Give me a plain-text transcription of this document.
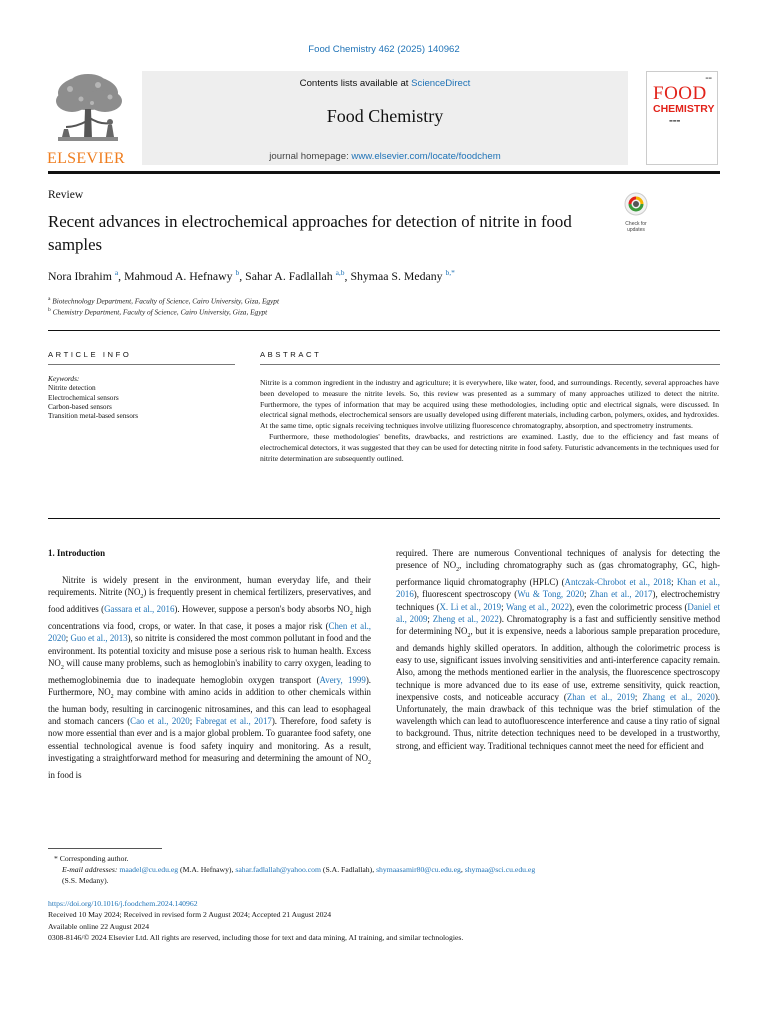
Food Chemistry 462 (2025) 140962
ELSEVIER
Contents lists available at ScienceDirect
Food Chemistry
journal homepage: www.elsevier.com/locate/foodchem
FOOD
CHEMISTRY
▬▬▬
▬▬
Review
Recent advances in electrochemical approaches for detection of nitrite in food samples
Check for
updates
Nora Ibrahim $^a$, Mahmoud A. Hefnawy $^b$, Sahar A. Fadlallah $^{a,b}$, Shymaa S. Medany $^{b,*}$
$^a$ Biotechnology Department, Faculty of Science, Cairo University, Giza, Egypt
$^b$ Chemistry Department, Faculty of Science, Cairo University, Giza, Egypt
ARTICLE INFO
Keywords:
Nitrite detection
Electrochemical sensors
Carbon-based sensors
Transition metal-based sensors
ABSTRACT

Nitrite is a common ingredient in the industry and agriculture; it is everywhere, like water, food, and surroundings. Recently, several approaches have been developed to measure the nitrite levels. So, this review was presented as a summary of many approaches utilized to detect the nitrite. Furthermore, the types of information that may be acquired using these methodologies, including optic and electrical signals, were discussed. In electrical signal methods, electrochemical sensors are usually developed using different materials, including carbon, polymers, oxides, and hydroxides. At the same time, optic signals receiving techniques involve utilizing fluorescence chromatography, absorption, and spectrometry instruments.

Furthermore, these methodologies' benefits, drawbacks, and restrictions are examined. Lastly, due to the efficiency and fast means of electrochemical detectors, it was suggested that they can be used for detecting nitrite in food safety. Futuristic advancements in the techniques used for nitrite determination are subsequently outlined.

1. Introduction

Nitrite is widely present in the environment, human everyday life, and their requirements. Nitrite $(NO_2)$ is frequently present in chemical fertilizers, preservatives, and food additives (Gassara et al., 2016). However, suppose a person's body absorbs $NO_2$ high concentrations via food, crops, or water. In that case, it poses a major risk (Chen et al., 2020; Guo et al., 2013), so nitrite is considered the most common pollutant in food and the environment. Its potential toxicity and misuse pose a serious risk to human health. Excess $NO_2$ will cause many problems, such as hemoglobin's inability to carry oxygen, leading to methemoglobinemia due to inadequate hemoglobin oxygen transport (Avery, 1999). Furthermore, $NO_2$ may combine with amino acids in addition to other chemicals within the human body, resulting in carcinogenic nitrosamines, and this can lead to esophageal and stomach cancers (Cao et al., 2020; Fabregat et al., 2017). Therefore, food safety is now more essential than ever and is a major global problem. To guarantee food safety, one essential technological avenue is food safety inquiry and monitoring. As a result, investigating a straightforward method for measuring and determining the amount of $NO_2$ in food is

required. There are numerous Conventional techniques of analysis for detecting the presence of $NO_2$, including chromatography such as (gas chromatography, GC, high-performance liquid chromatography (HPLC) (Antczak-Chrobot et al., 2018; Khan et al., 2016), fluorescent spectroscopy (Wu & Tong, 2020; Zhan et al., 2017), electrochemistry techniques (X. Li et al., 2019; Wang et al., 2022), even the colorimetric process (Daniel et al., 2009; Zheng et al., 2022). Chromatography is a fast and sufficiently sensitive method for determining $NO_2$, but it is expensive, needs a laborious sample preparation procedure, and demands highly skilled operators. In addition, although the colorimetric process is easy to use, significant issues involving sensitivities and anti-interference capacity remain. Also, among the methods mentioned earlier in the analysis, the fluorescence spectroscopy technique is more advanced due to its ease of use, extreme sensitivity, quick reaction, inexpensive costs, and noticeable accuracy (Zhan et al., 2019; Zhang et al., 2020). Unfortunately, the main drawback of this technique was the brief stimulation of the wavelength which can lead to autofluorescence interference and cause a tiny ratio of signal to background. Thus, nitrite detection techniques need to be developed in a trustworthy, strong, and efficient way. Traditional techniques cannot meet the need for efficient and

* Corresponding author.

E-mail addresses: maadel@cu.edu.eg (M.A. Hefnawy), sahar.fadlallah@yahoo.com (S.A. Fadlallah), shymaasamir80@cu.edu.eg, shymaa@sci.cu.edu.eg
(S.S. Medany).

https://doi.org/10.1016/j.foodchem.2024.140962

Received 10 May 2024; Received in revised form 2 August 2024; Accepted 21 August 2024

Available online 22 August 2024

0308-8146/© 2024 Elsevier Ltd. All rights are reserved, including those for text and data mining, AI training, and similar technologies.
